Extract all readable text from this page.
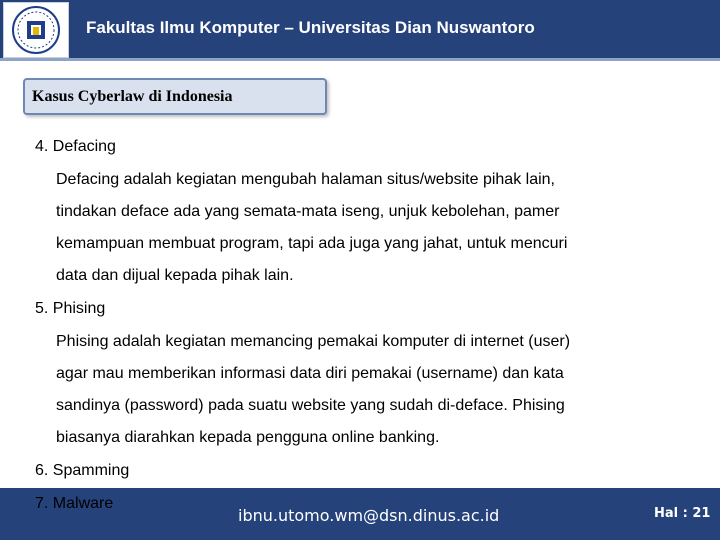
Fakultas Ilmu Komputer – Universitas Dian Nuswantoro
Kasus Cyberlaw di Indonesia
4. Defacing
Defacing adalah kegiatan mengubah halaman situs/website pihak lain,
tindakan deface ada yang semata-mata iseng, unjuk kebolehan, pamer
kemampuan membuat program, tapi ada juga yang jahat, untuk mencuri
data dan dijual kepada pihak lain.
5. Phising
Phising adalah kegiatan memancing pemakai komputer di internet (user)
agar mau memberikan informasi data diri pemakai (username) dan kata
sandinya (password) pada suatu website yang sudah di-deface. Phising
biasanya diarahkan kepada pengguna online banking.
6. Spamming
7. Malware
ibnu.utomo.wm@dsn.dinus.ac.id	Hal : 21
